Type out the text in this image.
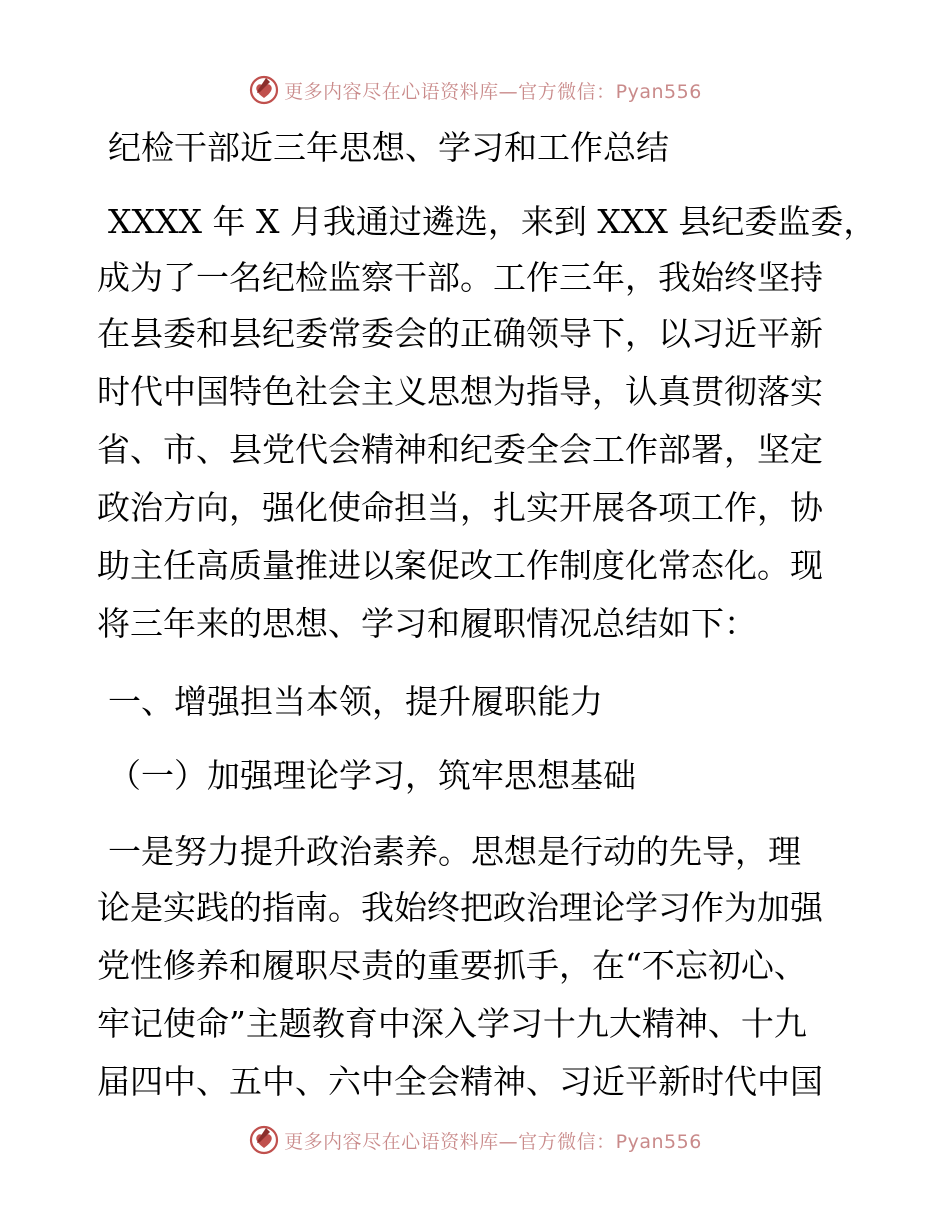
更多内容尽在心语资料库—官方微信：Pyan556
纪检干部近三年思想、学习和工作总结
XXXX 年 X 月我通过遴选，来到 XXX 县纪委监委，
成为了一名纪检监察干部。工作三年，我始终坚持
在县委和县纪委常委会的正确领导下，以习近平新
时代中国特色社会主义思想为指导，认真贯彻落实
省、市、县党代会精神和纪委全会工作部署，坚定
政治方向，强化使命担当，扎实开展各项工作，协
助主任高质量推进以案促改工作制度化常态化。现
将三年来的思想、学习和履职情况总结如下：
一、增强担当本领，提升履职能力
（一）加强理论学习，筑牢思想基础
一是努力提升政治素养。思想是行动的先导，理
论是实践的指南。我始终把政治理论学习作为加强
党性修养和履职尽责的重要抓手，在“不忘初心、
牢记使命”主题教育中深入学习十九大精神、十九
届四中、五中、六中全会精神、习近平新时代中国
更多内容尽在心语资料库—官方微信：Pyan556
